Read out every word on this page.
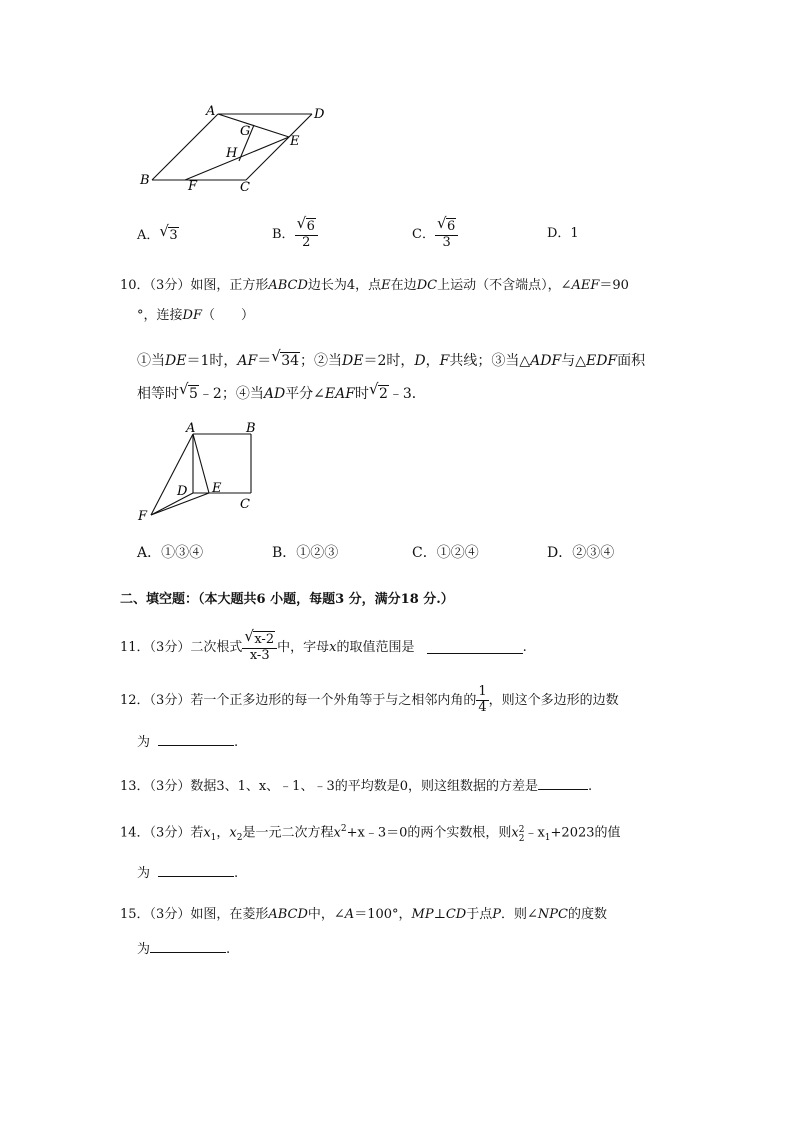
A	D
G
E
H
B	F	C
A． √ 3	B． $\frac{√ 6}{2}$	C． $\frac{√ 6}{3}$	D．1
10．（3分）如图，正方形ABCD边长为4，点E在边DC上运动（不含端点），∠AEF＝90
°，连接DF（　　）
①当DE＝1时，AF＝ √ 34；②当DE＝2时，D，F共线；③当△ADF与△EDF面积
相等时 √ 5﹣2；④当AD平分∠EAF时 √ 2﹣3．
A	B
D E
F
C
A．①③④	B．①②③	C．①②④	D．②③④
二、填空题：（本大题共6 小题，每题3 分，满分18 分.）
11．（3分）二次根式 $\frac{√ x-2}{x-3}$ 中，字母x的取值范围是	.
12．（3分）若一个正多边形的每一个外角等于与之相邻内角的 $\frac{1}{4}$ ，则这个多边形的边数
为	.
13．（3分）数据3、1、x、﹣1、﹣3的平均数是0，则这组数据的方差是	.
14．（3分）若$x_1$，$x_2$是一元二次方程$x^2+x﹣3=0$的两个实数根，则x 2
2 $﹣x_1+2023$的值
为	.
15．（3分）如图，在菱形ABCD中，∠A＝100°，MP⊥CD于点P．则∠NPC的度数
为	.
